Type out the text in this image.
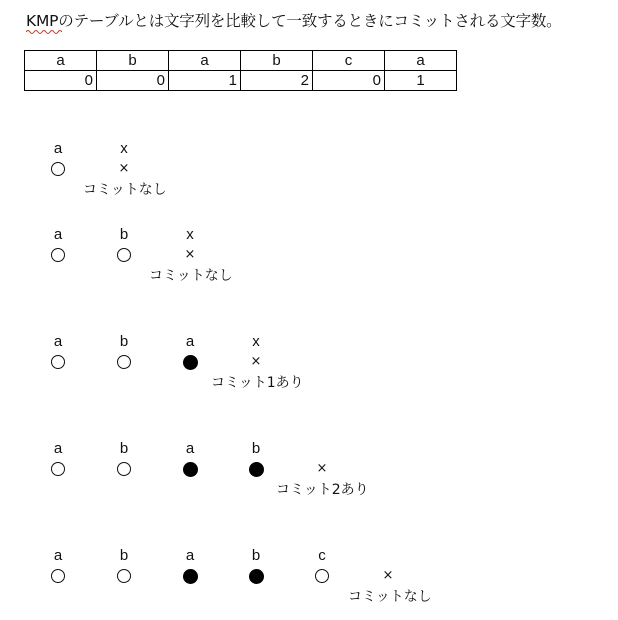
KMPのテーブルとは文字列を比較して一致するときにコミットされる文字数。
a	b	a	b	c	a
0	0	1	2	0	1
a	x
×
コミットなし
a	b	x
×
コミットなし
a	b	a	x
×
コミット1あり
a	b	a	b
×
コミット2あり
a	b	a	b	c
×
コミットなし
